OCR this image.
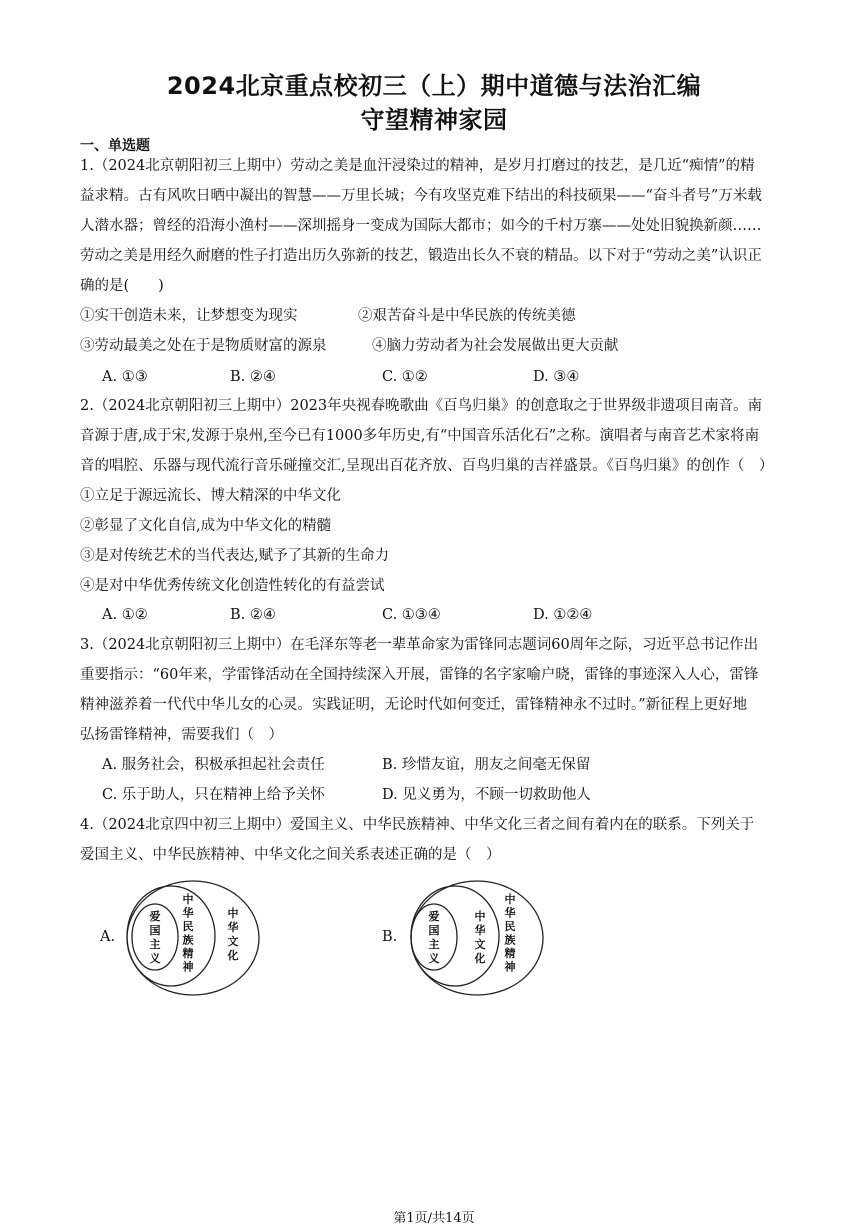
2024北京重点校初三（上）期中道德与法治汇编
守望精神家园
一、单选题
1.（2024北京朝阳初三上期中）劳动之美是血汗浸染过的精神，是岁月打磨过的技艺，是几近“痴情”的精
益求精。古有风吹日晒中凝出的智慧——万里长城；今有攻坚克难下结出的科技硕果——“奋斗者号”万米载
人潜水器；曾经的沿海小渔村——深圳摇身一变成为国际大都市；如今的千村万寨——处处旧貌换新颜……
劳动之美是用经久耐磨的性子打造出历久弥新的技艺，锻造出长久不衰的精品。以下对于“劳动之美”认识正
确的是(　　)
①实干创造未来，让梦想变为现实	②艰苦奋斗是中华民族的传统美德
③劳动最美之处在于是物质财富的源泉	④脑力劳动者为社会发展做出更大贡献
A. ①③	B. ②④	C. ①②	D. ③④
2.（2024北京朝阳初三上期中）2023年央视春晚歌曲《百鸟归巢》的创意取之于世界级非遗项目南音。南
音源于唐,成于宋,发源于泉州,至今已有1000多年历史,有“中国音乐活化石”之称。演唱者与南音艺术家将南
音的唱腔、乐器与现代流行音乐碰撞交汇,呈现出百花齐放、百鸟归巢的吉祥盛景。《百鸟归巢》的创作（　）
①立足于源远流长、博大精深的中华文化
②彰显了文化自信,成为中华文化的精髓
③是对传统艺术的当代表达,赋予了其新的生命力
④是对中华优秀传统文化创造性转化的有益尝试
A. ①②	B. ②④	C. ①③④	D. ①②④
3.（2024北京朝阳初三上期中）在毛泽东等老一辈革命家为雷锋同志题词60周年之际，习近平总书记作出
重要指示：“60年来，学雷锋活动在全国持续深入开展，雷锋的名字家喻户晓，雷锋的事迹深入人心，雷锋
精神滋养着一代代中华儿女的心灵。实践证明，无论时代如何变迁，雷锋精神永不过时。”新征程上更好地
弘扬雷锋精神，需要我们（　）
A. 服务社会，积极承担起社会责任	B. 珍惜友谊，朋友之间毫无保留
C. 乐于助人，只在精神上给予关怀	D. 见义勇为，不顾一切救助他人
4.（2024北京四中初三上期中）爱国主义、中华民族精神、中华文化三者之间有着内在的联系。下列关于
爱国主义、中华民族精神、中华文化之间关系表述正确的是（　）
A.
爱国主义
中华民族精神
中华文化
B.
爱国主义
中华文化
中华民族精神
第1页/共14页
